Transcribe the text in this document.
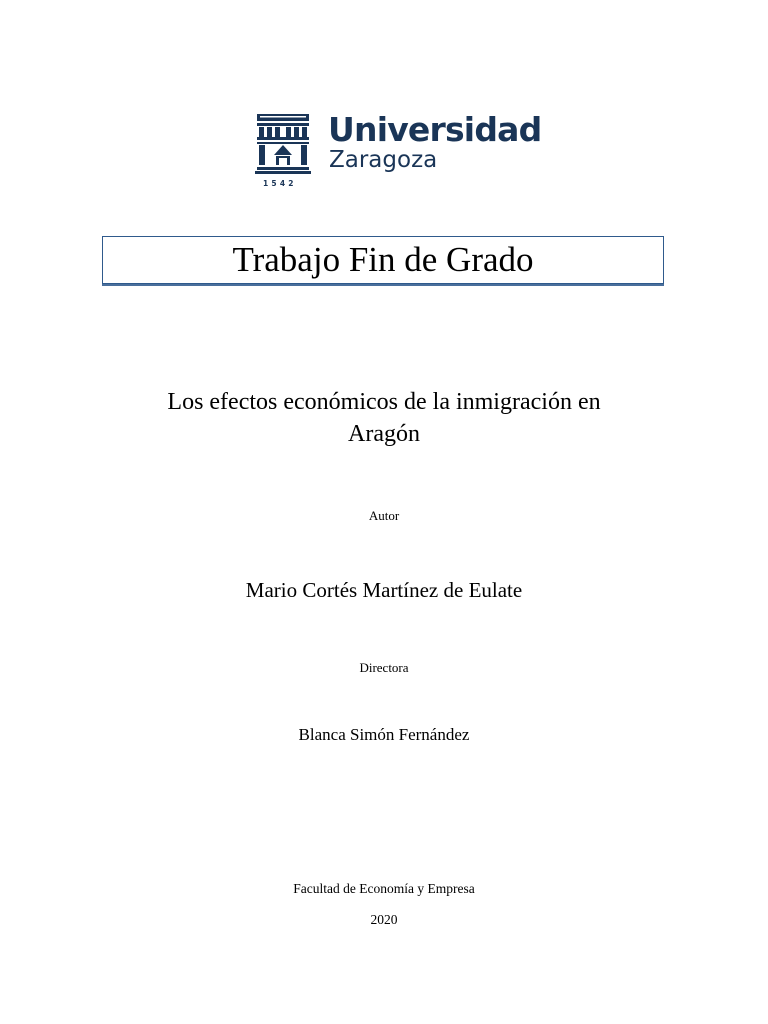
1542
Universidad
Zaragoza
Trabajo Fin de Grado
Los efectos económicos de la inmigración en
Aragón
Autor
Mario Cortés Martínez de Eulate
Directora
Blanca Simón Fernández
Facultad de Economía y Empresa
2020
